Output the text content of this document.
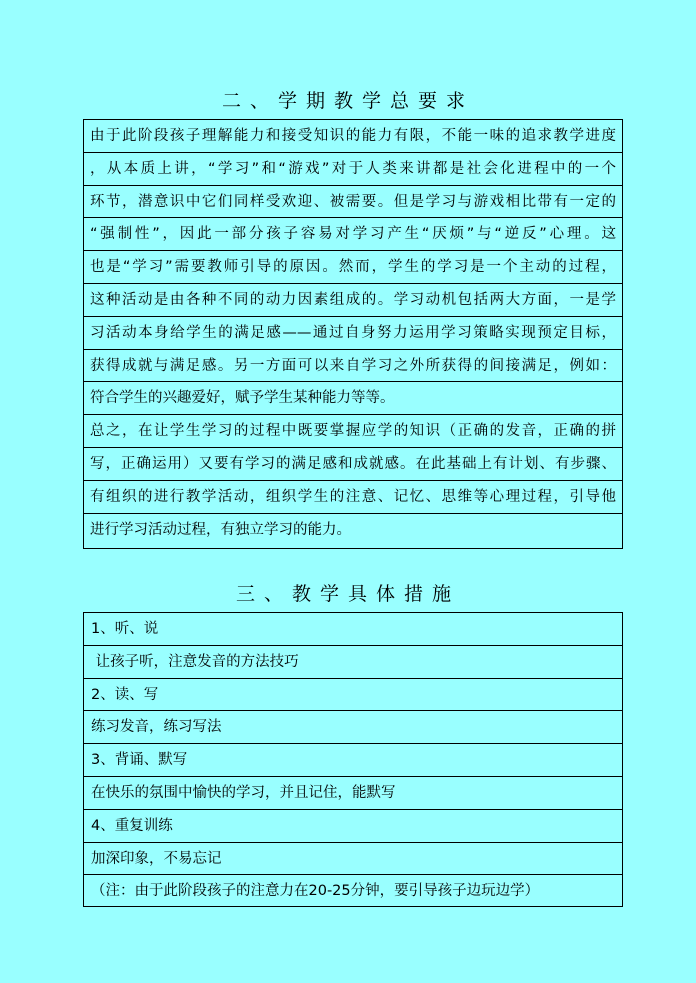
二、学期教学总要求
由于此阶段孩子理解能力和接受知识的能力有限，不能一味的追求教学进度
，从本质上讲，“学习”和“游戏”对于人类来讲都是社会化进程中的一个
环节，潜意识中它们同样受欢迎、被需要。但是学习与游戏相比带有一定的
“强制性”，因此一部分孩子容易对学习产生“厌烦”与“逆反”心理。这
也是“学习”需要教师引导的原因。然而，学生的学习是一个主动的过程，
这种活动是由各种不同的动力因素组成的。学习动机包括两大方面，一是学
习活动本身给学生的满足感——通过自身努力运用学习策略实现预定目标，
获得成就与满足感。另一方面可以来自学习之外所获得的间接满足，例如：
符合学生的兴趣爱好，赋予学生某种能力等等。
总之，在让学生学习的过程中既要掌握应学的知识（正确的发音，正确的拼
写，正确运用）又要有学习的满足感和成就感。在此基础上有计划、有步骤、
有组织的进行教学活动，组织学生的注意、记忆、思维等心理过程，引导他
进行学习活动过程，有独立学习的能力。
三、教学具体措施
1、听、说
让孩子听，注意发音的方法技巧
2、读、写
练习发音，练习写法
3、背诵、默写
在快乐的氛围中愉快的学习，并且记住，能默写
4、重复训练
加深印象，不易忘记
（注：由于此阶段孩子的注意力在20-25分钟，要引导孩子边玩边学）
